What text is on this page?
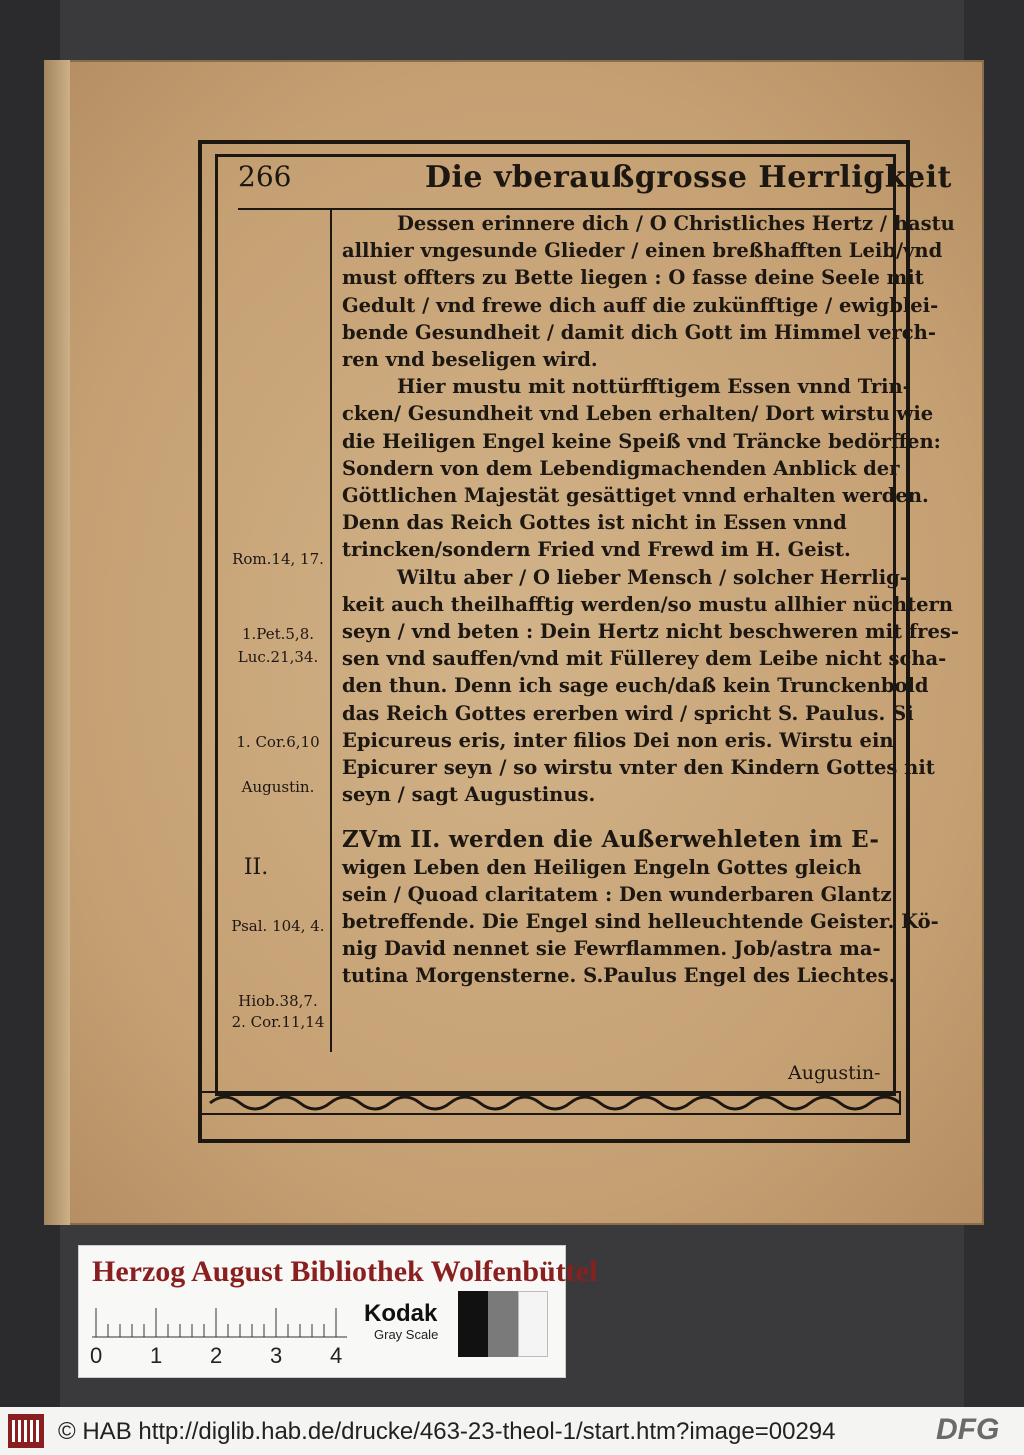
266	Die vberaußgrosse Herrligkeit
Dessen erinnere dich / O Christliches Hertz / hastu
allhier vngesunde Glieder / einen breßhafften Leib/vnd
must offters zu Bette liegen : O fasse deine Seele mit
Gedult / vnd frewe dich auff die zukünfftige / ewigblei-
bende Gesundheit / damit dich Gott im Himmel verch-
ren vnd beseligen wird.
Hier mustu mit nottürfftigem Essen vnnd Trin-
cken/ Gesundheit vnd Leben erhalten/ Dort wirstu wie
die Heiligen Engel keine Speiß vnd Träncke bedörffen:
Sondern von dem Lebendigmachenden Anblick der
Göttlichen Majestät gesättiget vnnd erhalten werden.
Denn das Reich Gottes ist nicht in Essen vnnd
trincken/sondern Fried vnd Frewd im H. Geist.
Wiltu aber / O lieber Mensch / solcher Herrlig-
keit auch theilhafftig werden/so mustu allhier nüchtern
seyn / vnd beten : Dein Hertz nicht beschweren mit fres-
sen vnd sauffen/vnd mit Füllerey dem Leibe nicht scha-
den thun. Denn ich sage euch/daß kein Trunckenbold
das Reich Gottes ererben wird / spricht S. Paulus. Si
Epicureus eris, inter filios Dei non eris. Wirstu ein
Epicurer seyn / so wirstu vnter den Kindern Gottes nit
seyn / sagt Augustinus.
ZVm II. werden die Außerwehleten im E-
wigen Leben den Heiligen Engeln Gottes gleich
sein / Quoad claritatem : Den wunderbaren Glantz
betreffende. Die Engel sind helleuchtende Geister. Kö-
nig David nennet sie Fewrflammen. Job/astra ma-
tutina Morgensterne. S.Paulus Engel des Liechtes.
Rom.14, 17.
1.Pet.5,8.
Luc.21,34.
1. Cor.6,10
Augustin.
II.
Psal. 104, 4.
Hiob.38,7.
2. Cor.11,14
Augustin-
Herzog August Bibliothek Wolfenbüttel
0 1 2 3 4
Kodak
Gray Scale
© HAB http://diglib.hab.de/drucke/463-23-theol-1/start.htm?image=00294	DFG
